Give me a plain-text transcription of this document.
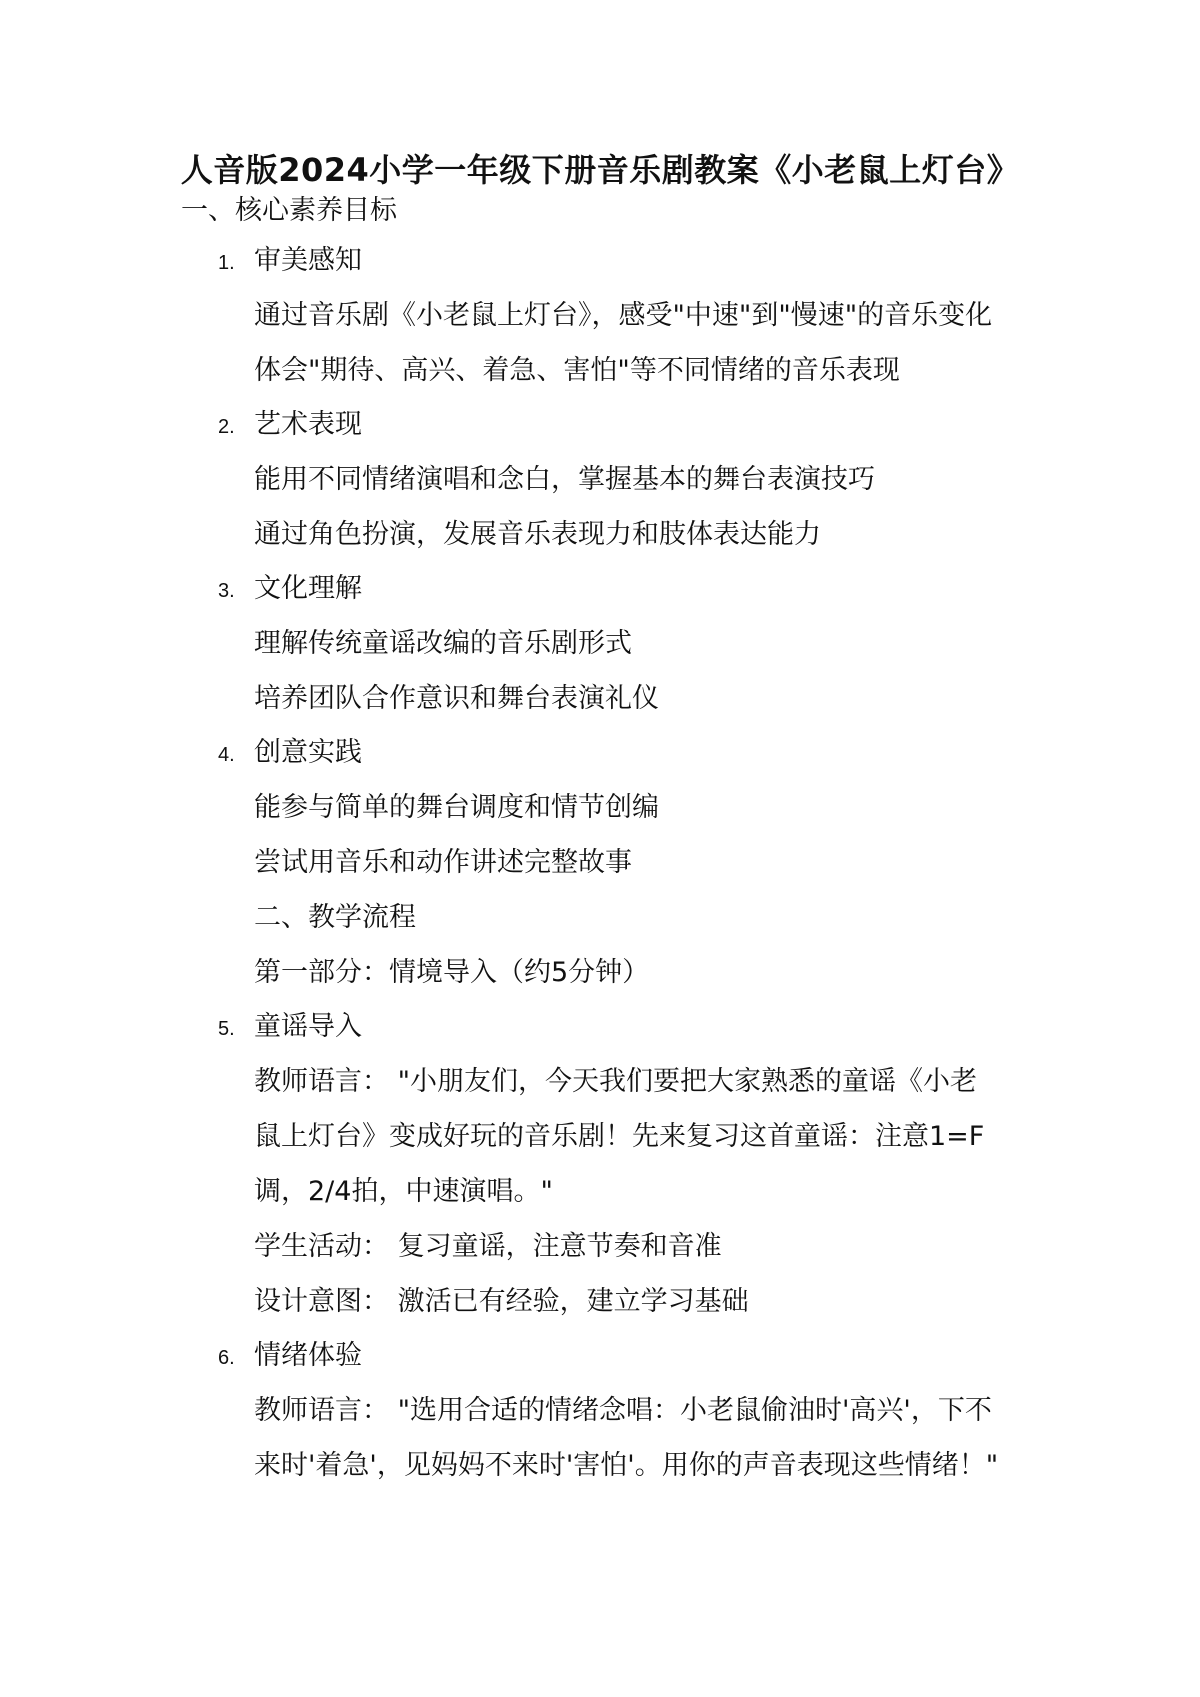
人音版2024小学一年级下册音乐剧教案《小老鼠上灯台》
一、核心素养目标
1. 审美感知
通过音乐剧《小老鼠上灯台》，感受"中速"到"慢速"的音乐变化
体会"期待、高兴、着急、害怕"等不同情绪的音乐表现
2. 艺术表现
能用不同情绪演唱和念白，掌握基本的舞台表演技巧
通过角色扮演，发展音乐表现力和肢体表达能力
3. 文化理解
理解传统童谣改编的音乐剧形式
培养团队合作意识和舞台表演礼仪
4. 创意实践
能参与简单的舞台调度和情节创编
尝试用音乐和动作讲述完整故事
二、教学流程
第一部分：情境导入（约5分钟）
5. 童谣导入
教师语言： "小朋友们，今天我们要把大家熟悉的童谣《小老
鼠上灯台》变成好玩的音乐剧！先来复习这首童谣：注意1=F
调，2/4拍，中速演唱。"
学生活动： 复习童谣，注意节奏和音准
设计意图： 激活已有经验，建立学习基础
6. 情绪体验
教师语言： "选用合适的情绪念唱：小老鼠偷油时'高兴'，下不
来时'着急'，见妈妈不来时'害怕'。用你的声音表现这些情绪！"
